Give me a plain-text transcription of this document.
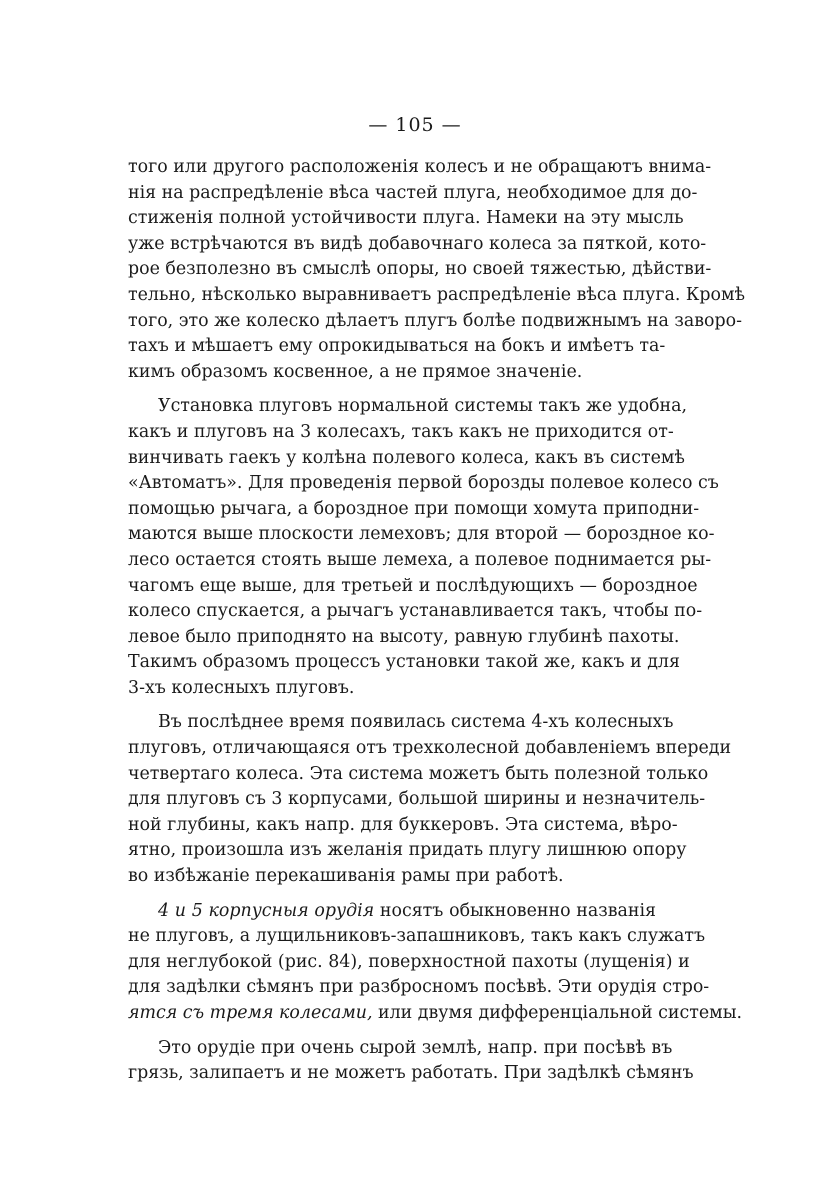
— 105 —
того или другого расположенія колесъ и не обращаютъ внима-
нія на распредѣленіе вѣса частей плуга, необходимое для до-
стиженія полной устойчивости плуга. Намеки на эту мысль
уже встрѣчаются въ видѣ добавочнаго колеса за пяткой, кото-
рое безполезно въ смыслѣ опоры, но своей тяжестью, дѣйстви-
тельно, нѣсколько выравниваетъ распредѣленіе вѣса плуга. Кромѣ
того, это же колеско дѣлаетъ плугъ болѣе подвижнымъ на заворо-
тахъ и мѣшаетъ ему опрокидываться на бокъ и имѣетъ та-
кимъ образомъ косвенное, а не прямое значеніе.
Установка плуговъ нормальной системы такъ же удобна,
какъ и плуговъ на 3 колесахъ, такъ какъ не приходится от-
винчивать гаекъ у колѣна полевого колеса, какъ въ системѣ
«Автоматъ». Для проведенія первой борозды полевое колесо съ
помощью рычага, а бороздное при помощи хомута приподни-
маются выше плоскости лемеховъ; для второй — бороздное ко-
лесо остается стоять выше лемеха, а полевое поднимается ры-
чагомъ еще выше, для третьей и послѣдующихъ — бороздное
колесо спускается, а рычагъ устанавливается такъ, чтобы по-
левое было приподнято на высоту, равную глубинѣ пахоты.
Такимъ образомъ процессъ установки такой же, какъ и для
3-хъ колесныхъ плуговъ.
Въ послѣднее время появилась система 4-хъ колесныхъ
плуговъ, отличающаяся отъ трехколесной добавленіемъ впереди
четвертаго колеса. Эта система можетъ быть полезной только
для плуговъ съ 3 корпусами, большой ширины и незначитель-
ной глубины, какъ напр. для буккеровъ. Эта система, вѣро-
ятно, произошла изъ желанія придать плугу лишнюю опору
во избѣжаніе перекашиванія рамы при работѣ.
4 и 5 корпусныя орудія носятъ обыкновенно названія
не плуговъ, а лущильниковъ-запашниковъ, такъ какъ служатъ
для неглубокой (рис. 84), поверхностной пахоты (лущенія) и
для задѣлки сѣмянъ при разбросномъ посѣвѣ. Эти орудія стро-
ятся съ тремя колесами, или двумя дифференціальной системы.
Это орудіе при очень сырой землѣ, напр. при посѣвѣ въ
грязь, залипаетъ и не можетъ работать. При задѣлкѣ сѣмянъ
